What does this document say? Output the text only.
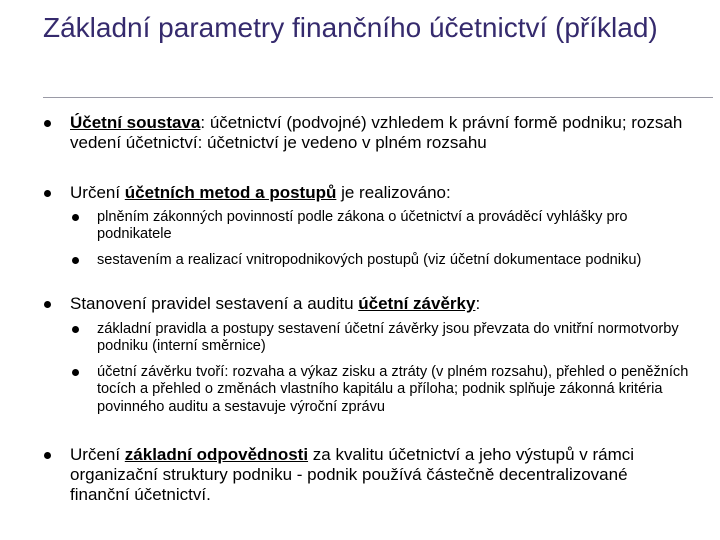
Základní parametry finančního účetnictví (příklad)
Účetní soustava: účetnictví (podvojné) vzhledem k právní formě podniku; rozsah vedení účetnictví: účetnictví je vedeno v plném rozsahu
Určení účetních metod a postupů je realizováno:
plněním zákonných povinností podle zákona o účetnictví a prováděcí vyhlášky pro podnikatele
sestavením a realizací vnitropodnikových postupů (viz účetní dokumentace podniku)
Stanovení pravidel sestavení a auditu účetní závěrky:
základní pravidla a postupy sestavení účetní závěrky jsou převzata do vnitřní normotvorby podniku (interní směrnice)
účetní závěrku tvoří: rozvaha a výkaz zisku a ztráty (v plném rozsahu), přehled o peněžních tocích a přehled o změnách vlastního kapitálu a příloha; podnik splňuje zákonná kritéria povinného auditu a sestavuje výroční zprávu
Určení základní odpovědnosti za kvalitu účetnictví a jeho výstupů v rámci organizační struktury podniku - podnik používá částečně decentralizované finanční účetnictví.
